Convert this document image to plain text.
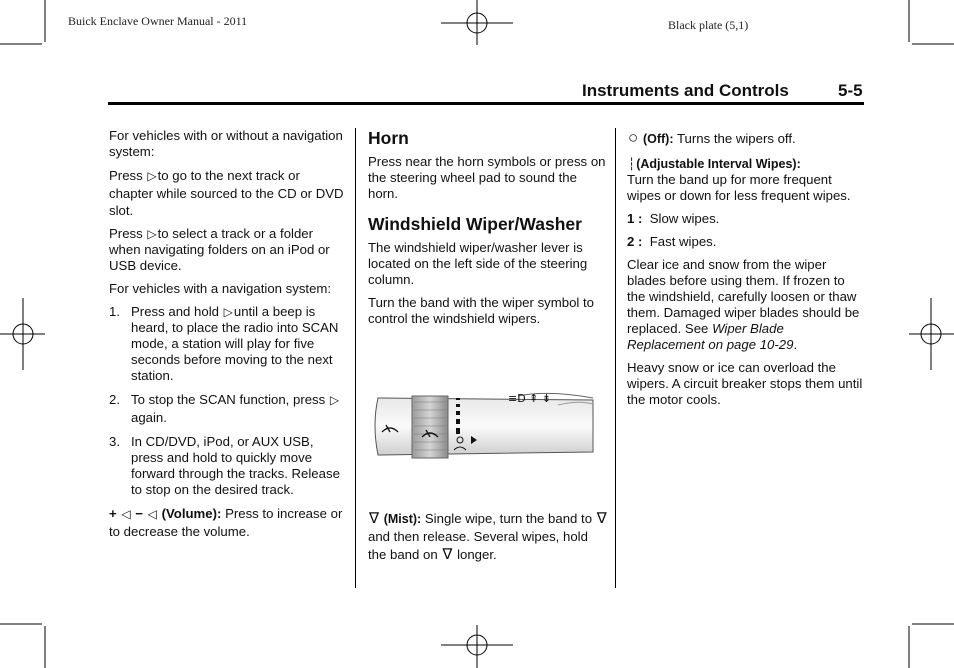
Buick Enclave Owner Manual - 2011	Black plate (5,1)
Instruments and Controls	5-5

For vehicles with or without a navigation system:

Press ▷to go to the next track or chapter while sourced to the CD or DVD slot.

Press ▷to select a track or a folder when navigating folders on an iPod or USB device.

For vehicles with a navigation system:

1. Press and hold ▷until a beep is heard, to place the radio into SCAN mode, a station will play for five seconds before moving to the next station.
2. To stop the SCAN function, press ▷again.
3. In CD/DVD, iPod, or AUX USB, press and hold to quickly move forward through the tracks. Release to stop on the desired track.

+ ◁ − ◁ (Volume): Press to increase or to decrease the volume.

Horn

Press near the horn symbols or press on the steering wheel pad to sound the horn.

Windshield Wiper/Washer

The windshield wiper/washer lever is located on the left side of the steering column.

Turn the band with the wiper symbol to control the windshield wipers.

≡D ⇞ ⇟
∇ (Mist): Single wipe, turn the band to ∇ and then release. Several wipes, hold the band on ∇ longer.

○ (Off): Turns the wipers off.

┆(Adjustable Interval Wipes):
Turn the band up for more frequent wipes or down for less frequent wipes.

1 : Slow wipes.

2 : Fast wipes.

Clear ice and snow from the wiper blades before using them. If frozen to the windshield, carefully loosen or thaw them. Damaged wiper blades should be replaced. See Wiper Blade Replacement on page 10-29.

Heavy snow or ice can overload the wipers. A circuit breaker stops them until the motor cools.
